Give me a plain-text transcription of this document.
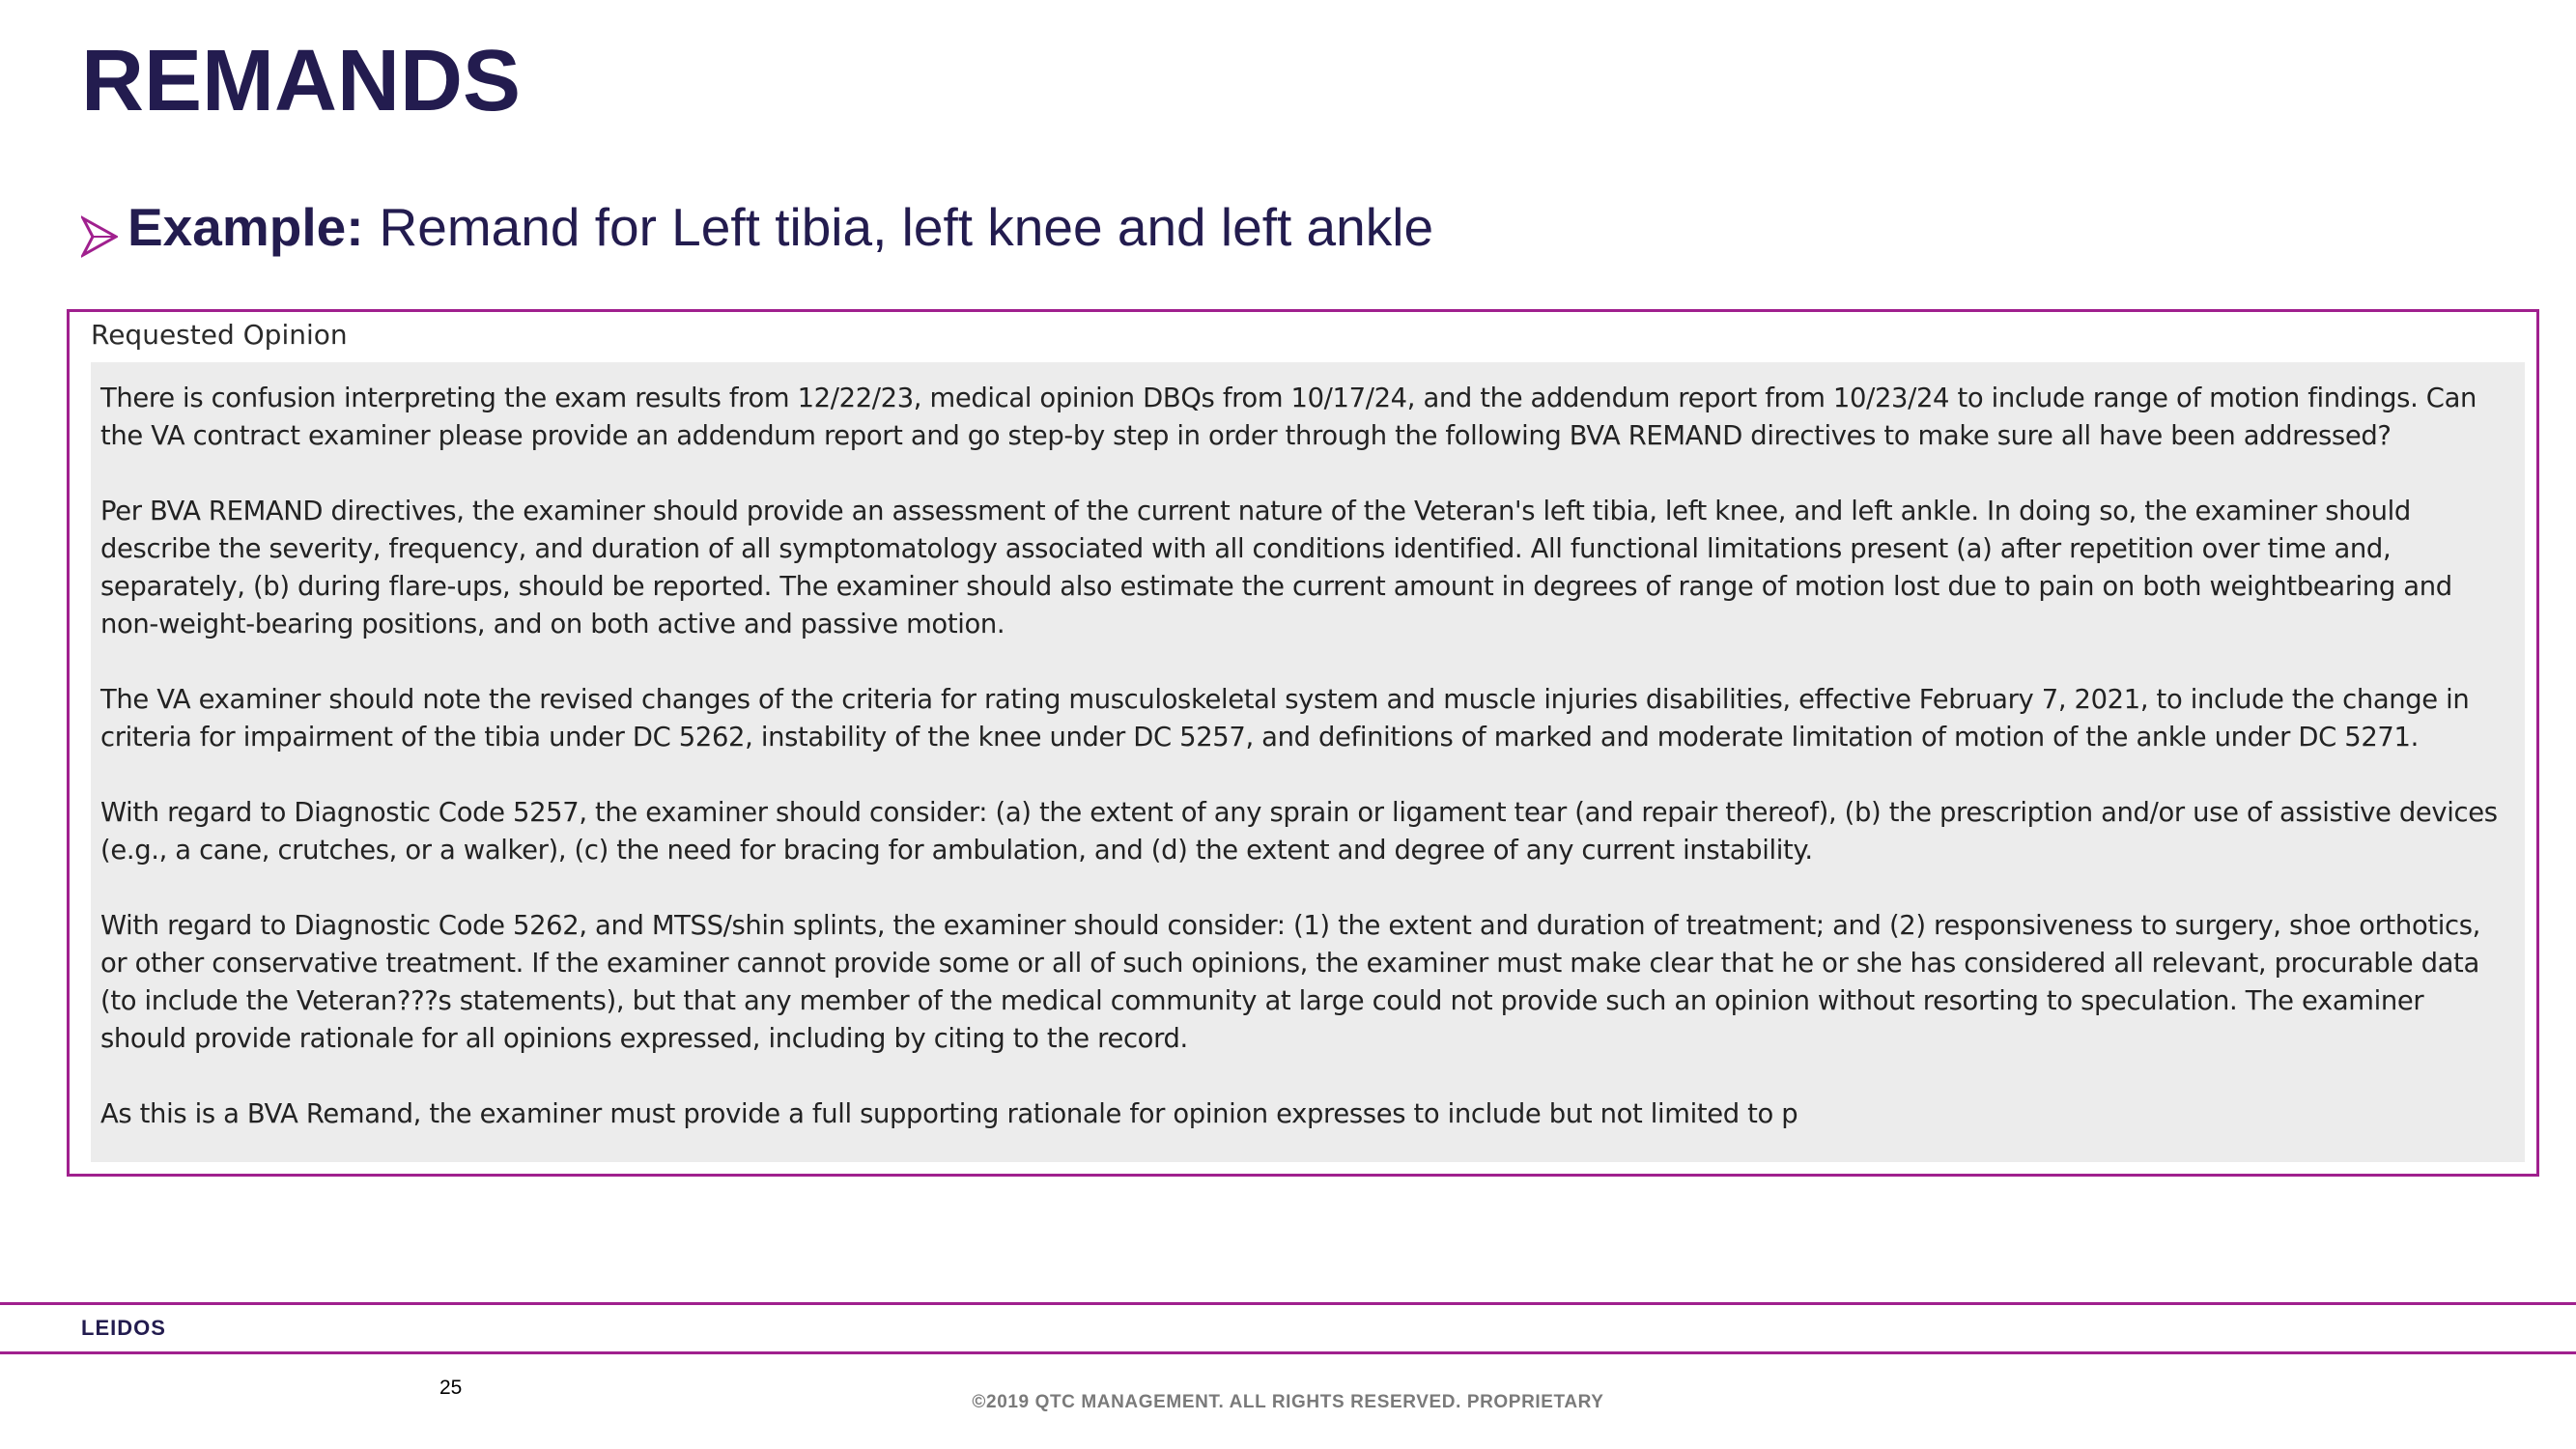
REMANDS
Example: Remand for Left tibia, left knee and left ankle
Requested Opinion

There is confusion interpreting the exam results from 12/22/23, medical opinion DBQs from 10/17/24, and the addendum report from 10/23/24 to include range of motion findings. Can the VA contract examiner please provide an addendum report and go step-by step in order through the following BVA REMAND directives to make sure all have been addressed?

Per BVA REMAND directives, the examiner should provide an assessment of the current nature of the Veteran's left tibia, left knee, and left ankle. In doing so, the examiner should describe the severity, frequency, and duration of all symptomatology associated with all conditions identified. All functional limitations present (a) after repetition over time and, separately, (b) during flare-ups, should be reported. The examiner should also estimate the current amount in degrees of range of motion lost due to pain on both weightbearing and non-weight-bearing positions, and on both active and passive motion.

The VA examiner should note the revised changes of the criteria for rating musculoskeletal system and muscle injuries disabilities, effective February 7, 2021, to include the change in criteria for impairment of the tibia under DC 5262, instability of the knee under DC 5257, and definitions of marked and moderate limitation of motion of the ankle under DC 5271.

With regard to Diagnostic Code 5257, the examiner should consider: (a) the extent of any sprain or ligament tear (and repair thereof), (b) the prescription and/or use of assistive devices (e.g., a cane, crutches, or a walker), (c) the need for bracing for ambulation, and (d) the extent and degree of any current instability.

With regard to Diagnostic Code 5262, and MTSS/shin splints, the examiner should consider: (1) the extent and duration of treatment; and (2) responsiveness to surgery, shoe orthotics, or other conservative treatment. If the examiner cannot provide some or all of such opinions, the examiner must make clear that he or she has considered all relevant, procurable data (to include the Veteran???s statements), but that any member of the medical community at large could not provide such an opinion without resorting to speculation. The examiner should provide rationale for all opinions expressed, including by citing to the record.

As this is a BVA Remand, the examiner must provide a full supporting rationale for opinion expresses to include but not limited to p

LEIDOS
25
©2019 QTC MANAGEMENT. ALL RIGHTS RESERVED. PROPRIETARY
